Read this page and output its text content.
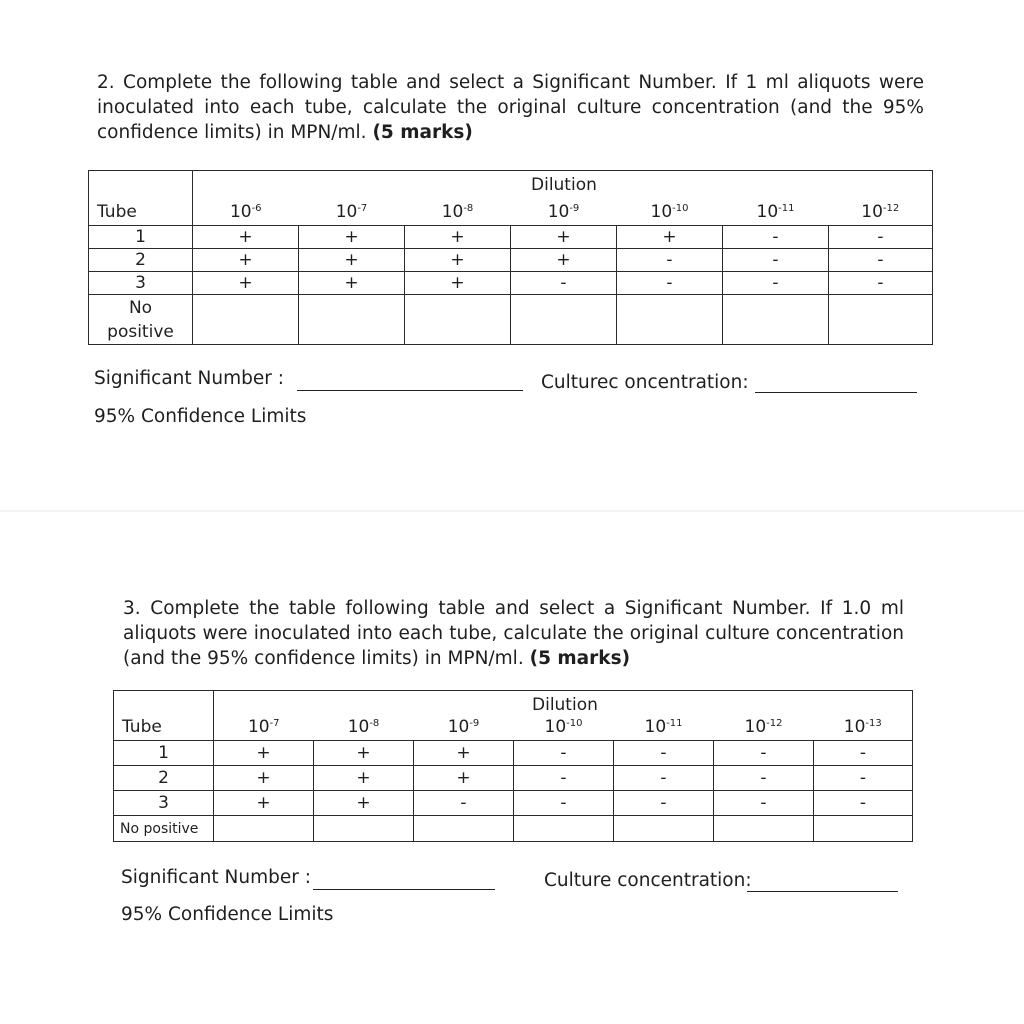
2. Complete the following table and select a Significant Number. If 1 ml aliquots were inoculated into each tube, calculate the original culture concentration (and the 95% confidence limits) in MPN/ml. (5 marks)
Dilution
Tube	$10^{-6}$	$10^{-7}$	$10^{-8}$	$10^{-9}$	$10^{-10}$	$10^{-11}$	$10^{-12}$
1	+	+	+	+	+	-	-
2	+	+	+	+	-	-	-
3	+	+	+	-	-	-	-

No
positive							

Significant Number :	Culturec oncentration:
95% Confidence Limits
3. Complete the table following table and select a Significant Number. If 1.0 ml aliquots were inoculated into each tube, calculate the original culture concentration (and the 95% confidence limits) in MPN/ml. (5 marks)
Dilution
Tube	$10^{-7}$	$10^{-8}$	$10^{-9}$	$10^{-10}$	$10^{-11}$	$10^{-12}$	$10^{-13}$
1	+	+	+	-	-	-	-
2	+	+	+	-	-	-	-
3	+	+	-	-	-	-	-
No positive							
Significant Number :	Culture concentration:
95% Confidence Limits
